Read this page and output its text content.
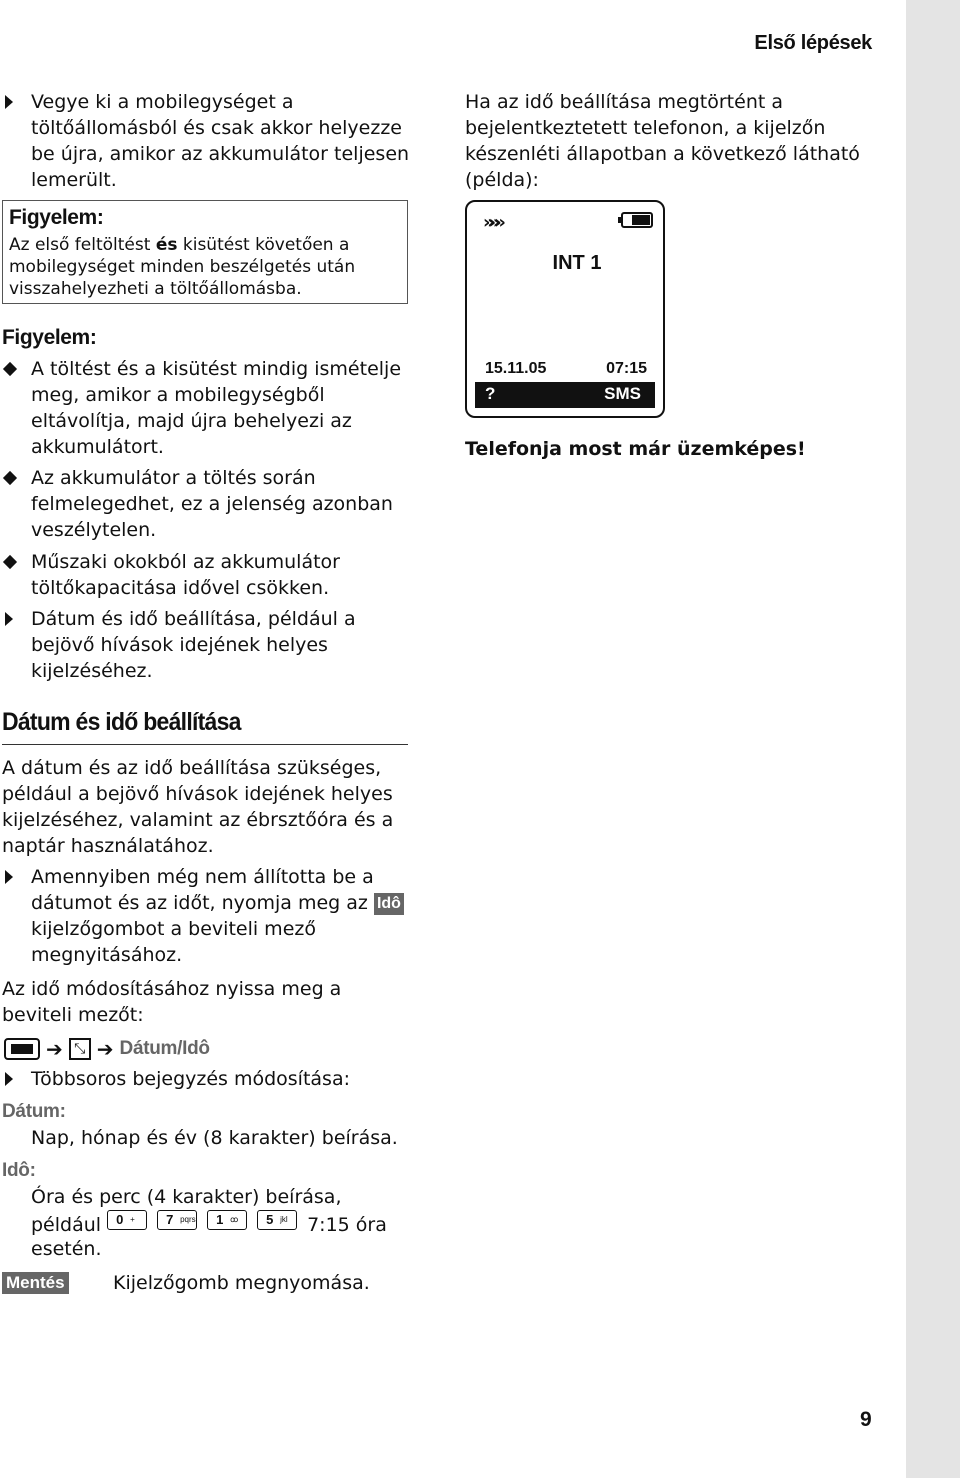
Első lépések
9
Vegye ki a mobilegységet a töltőállomásból és csak akkor helyezze be újra, amikor az akkumulátor teljesen lemerült.
Figyelem:
Az első feltöltést és kisütést követően a
mobilegységet minden beszélgetés után
visszahelyezheti a töltőállomásba.
Figyelem:
A töltést és a kisütést mindig ismételje meg, amikor a mobilegységből eltávolítja, majd újra behelyezi az akkumulátort.
Az akkumulátor a töltés során felmelegedhet, ez a jelenség azonban veszélytelen.
Műszaki okokból az akkumulátor töltőkapacitása idővel csökken.
Dátum és idő beállítása, például a bejövő hívások idejének helyes kijelzéséhez.
Dátum és idő beállítása
A dátum és az idő beállítása szükséges, például a bejövő hívások idejének helyes kijelzéséhez, valamint az ébrsztőóra és a naptár használatához.
Amennyiben még nem állította be a dátumot és az időt, nyomja meg az Idô kijelzőgombot a beviteli mező megnyitásához.
Az idő módosításához nyissa meg a beviteli mezőt:
➔ ⤡ ➔ Dátum/Idô
Többsoros bejegyzés módosítása:
Dátum:
Nap, hónap és év (8 karakter) beírása.
Idô:
Óra és perc (4 karakter) beírása,
például 0 + 7 pqrs 1 ꝏ 5 jkl 7:15 óra
esetén.
Mentés	Kijelzőgomb megnyomása.
Ha az idő beállítása megtörtént a bejelentkeztetett telefonon, a kijelzőn készenléti állapotban a következő látható (példa):
»»»
INT 1
15.11.05	07:15
?	SMS
Telefonja most már üzemképes!
